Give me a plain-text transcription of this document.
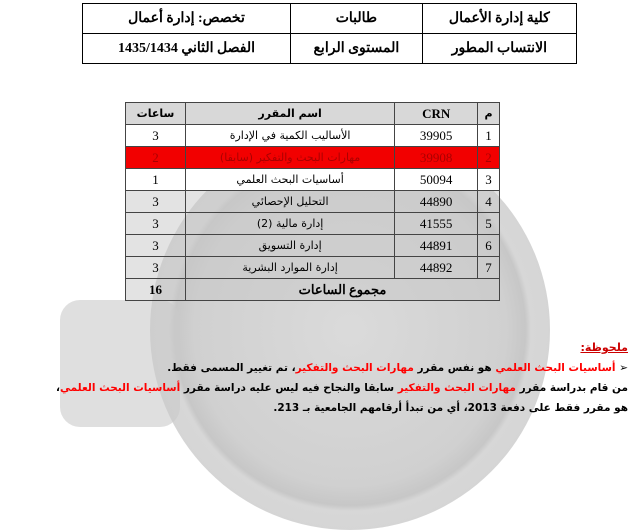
كلية إدارة الأعمال	طالبات	تخصص: إدارة أعمال
الانتساب المطور	المستوى الرابع	الفصل الثاني 1435/1434
م	CRN	اسم المقرر	ساعات
1	39905	الأساليب الكمية في الإدارة	3
2	39908	مهارات البحث والتفكير (سابقا)	2
3	50094	أساسيات البحث العلمي	1
4	44890	التحليل الإحصائي	3
5	41555	إدارة مالية (2)	3
6	44891	إدارة التسويق	3
7	44892	إدارة الموارد البشرية	3
مجموع الساعات			16
ملحوظة:
➢ أساسيات البحث العلمي هو نفس مقرر مهارات البحث والتفكير، تم تغيير المسمى فقط.
من قام بدراسة مقرر مهارات البحث والتفكير سابقا والنجاح فيه ليس عليه دراسة مقرر أساسيات البحث العلمي،
هو مقرر فقط على دفعة 2013، أي من تبدأ أرقامهم الجامعية بـ 213.
